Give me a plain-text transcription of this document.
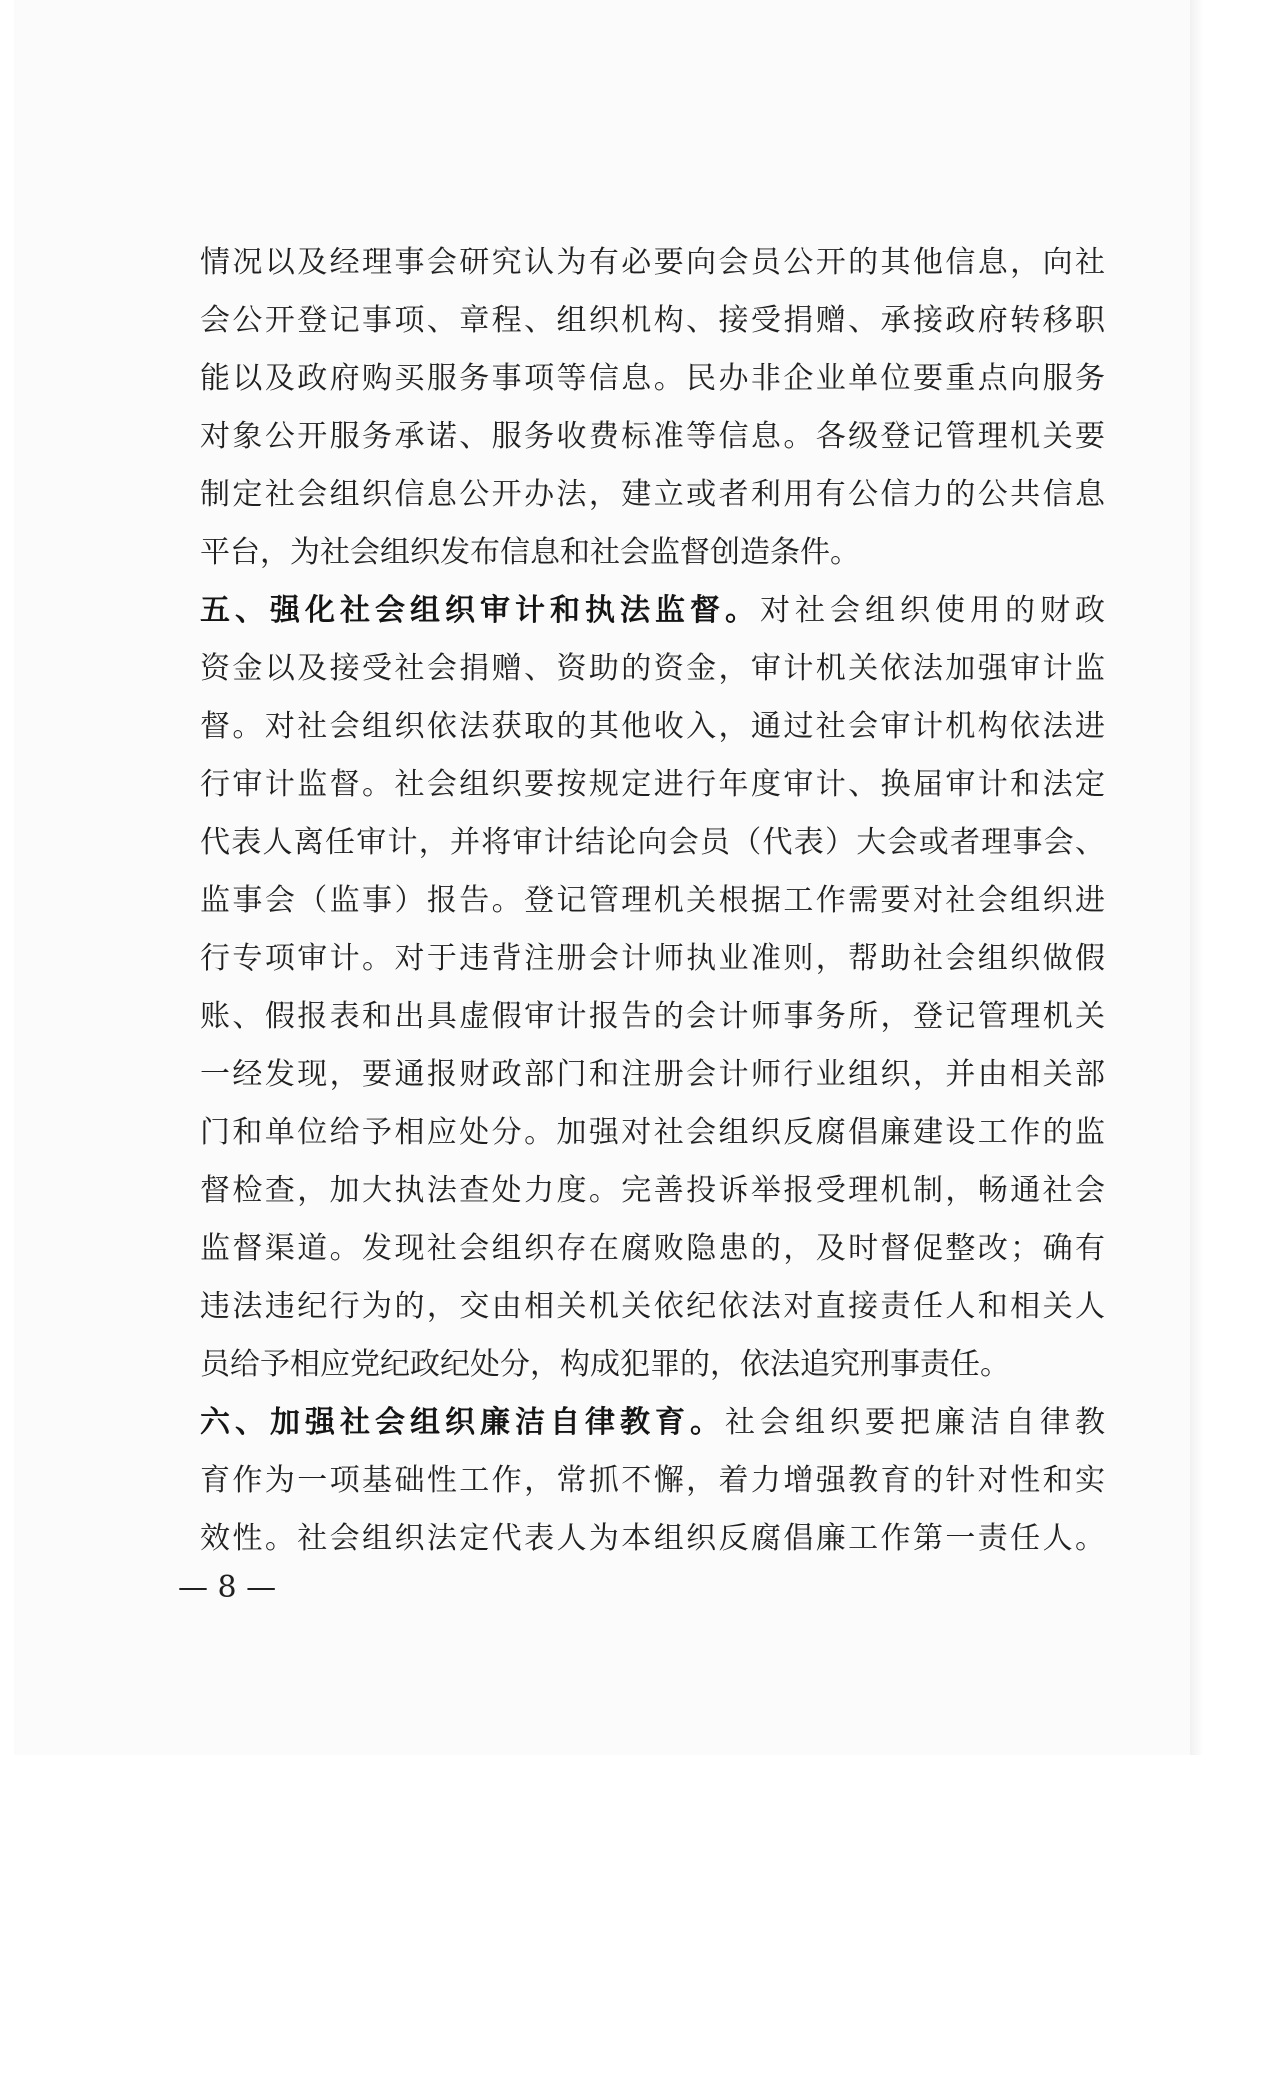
情况以及经理事会研究认为有必要向会员公开的其他信息，向社
会公开登记事项、章程、组织机构、接受捐赠、承接政府转移职
能以及政府购买服务事项等信息。民办非企业单位要重点向服务
对象公开服务承诺、服务收费标准等信息。各级登记管理机关要
制定社会组织信息公开办法，建立或者利用有公信力的公共信息
平台，为社会组织发布信息和社会监督创造条件。
五、强化社会组织审计和执法监督。对社会组织使用的财政
资金以及接受社会捐赠、资助的资金，审计机关依法加强审计监
督。对社会组织依法获取的其他收入，通过社会审计机构依法进
行审计监督。社会组织要按规定进行年度审计、换届审计和法定
代表人离任审计，并将审计结论向会员（代表）大会或者理事会、
监事会（监事）报告。登记管理机关根据工作需要对社会组织进
行专项审计。对于违背注册会计师执业准则，帮助社会组织做假
账、假报表和出具虚假审计报告的会计师事务所，登记管理机关
一经发现，要通报财政部门和注册会计师行业组织，并由相关部
门和单位给予相应处分。加强对社会组织反腐倡廉建设工作的监
督检查，加大执法查处力度。完善投诉举报受理机制，畅通社会
监督渠道。发现社会组织存在腐败隐患的，及时督促整改；确有
违法违纪行为的，交由相关机关依纪依法对直接责任人和相关人
员给予相应党纪政纪处分，构成犯罪的，依法追究刑事责任。
六、加强社会组织廉洁自律教育。社会组织要把廉洁自律教
育作为一项基础性工作，常抓不懈，着力增强教育的针对性和实
效性。社会组织法定代表人为本组织反腐倡廉工作第一责任人。
— 8 —
